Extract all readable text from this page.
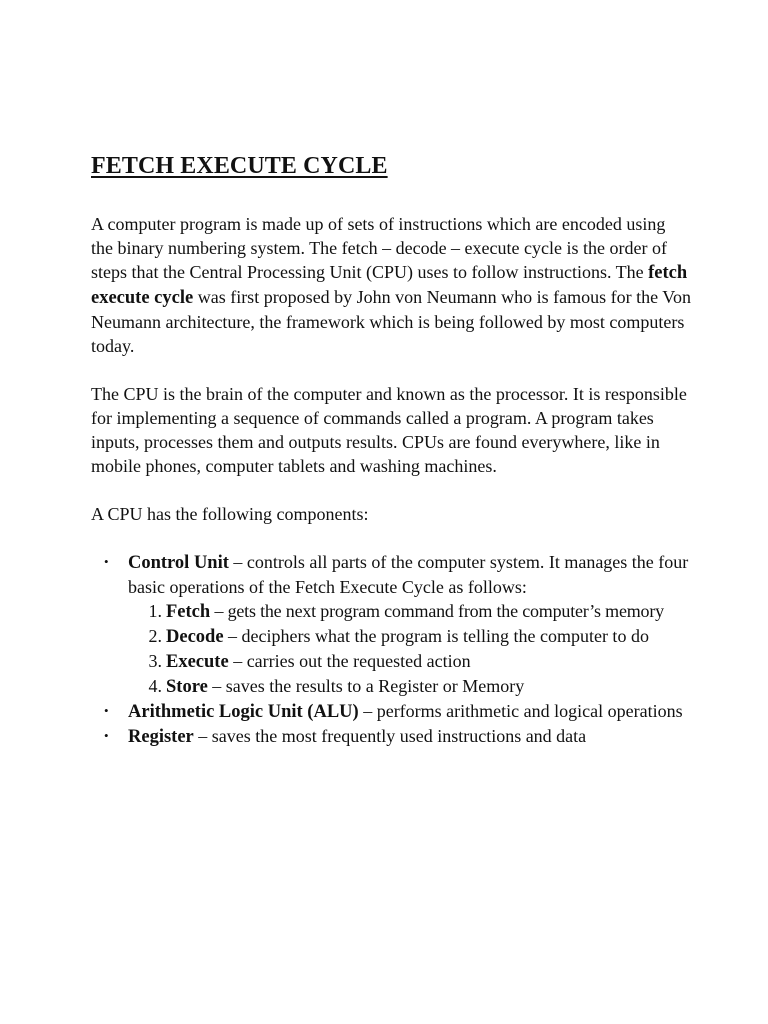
FETCH EXECUTE CYCLE

A computer program is made up of sets of instructions which are encoded using the binary numbering system. The fetch – decode – execute cycle is the order of steps that the Central Processing Unit (CPU) uses to follow instructions. The fetch execute cycle was first proposed by John von Neumann who is famous for the Von Neumann architecture, the framework which is being followed by most computers today.

The CPU is the brain of the computer and known as the processor. It is responsible for implementing a sequence of commands called a program. A program takes inputs, processes them and outputs results. CPUs are found everywhere, like in mobile phones, computer tablets and washing machines.

A CPU has the following components:

• Control Unit – controls all parts of the computer system. It manages the four basic operations of the Fetch Execute Cycle as follows:
1. Fetch – gets the next program command from the computer’s memory
2. Decode – deciphers what the program is telling the computer to do
3. Execute – carries out the requested action
4. Store – saves the results to a Register or Memory
• Arithmetic Logic Unit (ALU) – performs arithmetic and logical operations
• Register – saves the most frequently used instructions and data
